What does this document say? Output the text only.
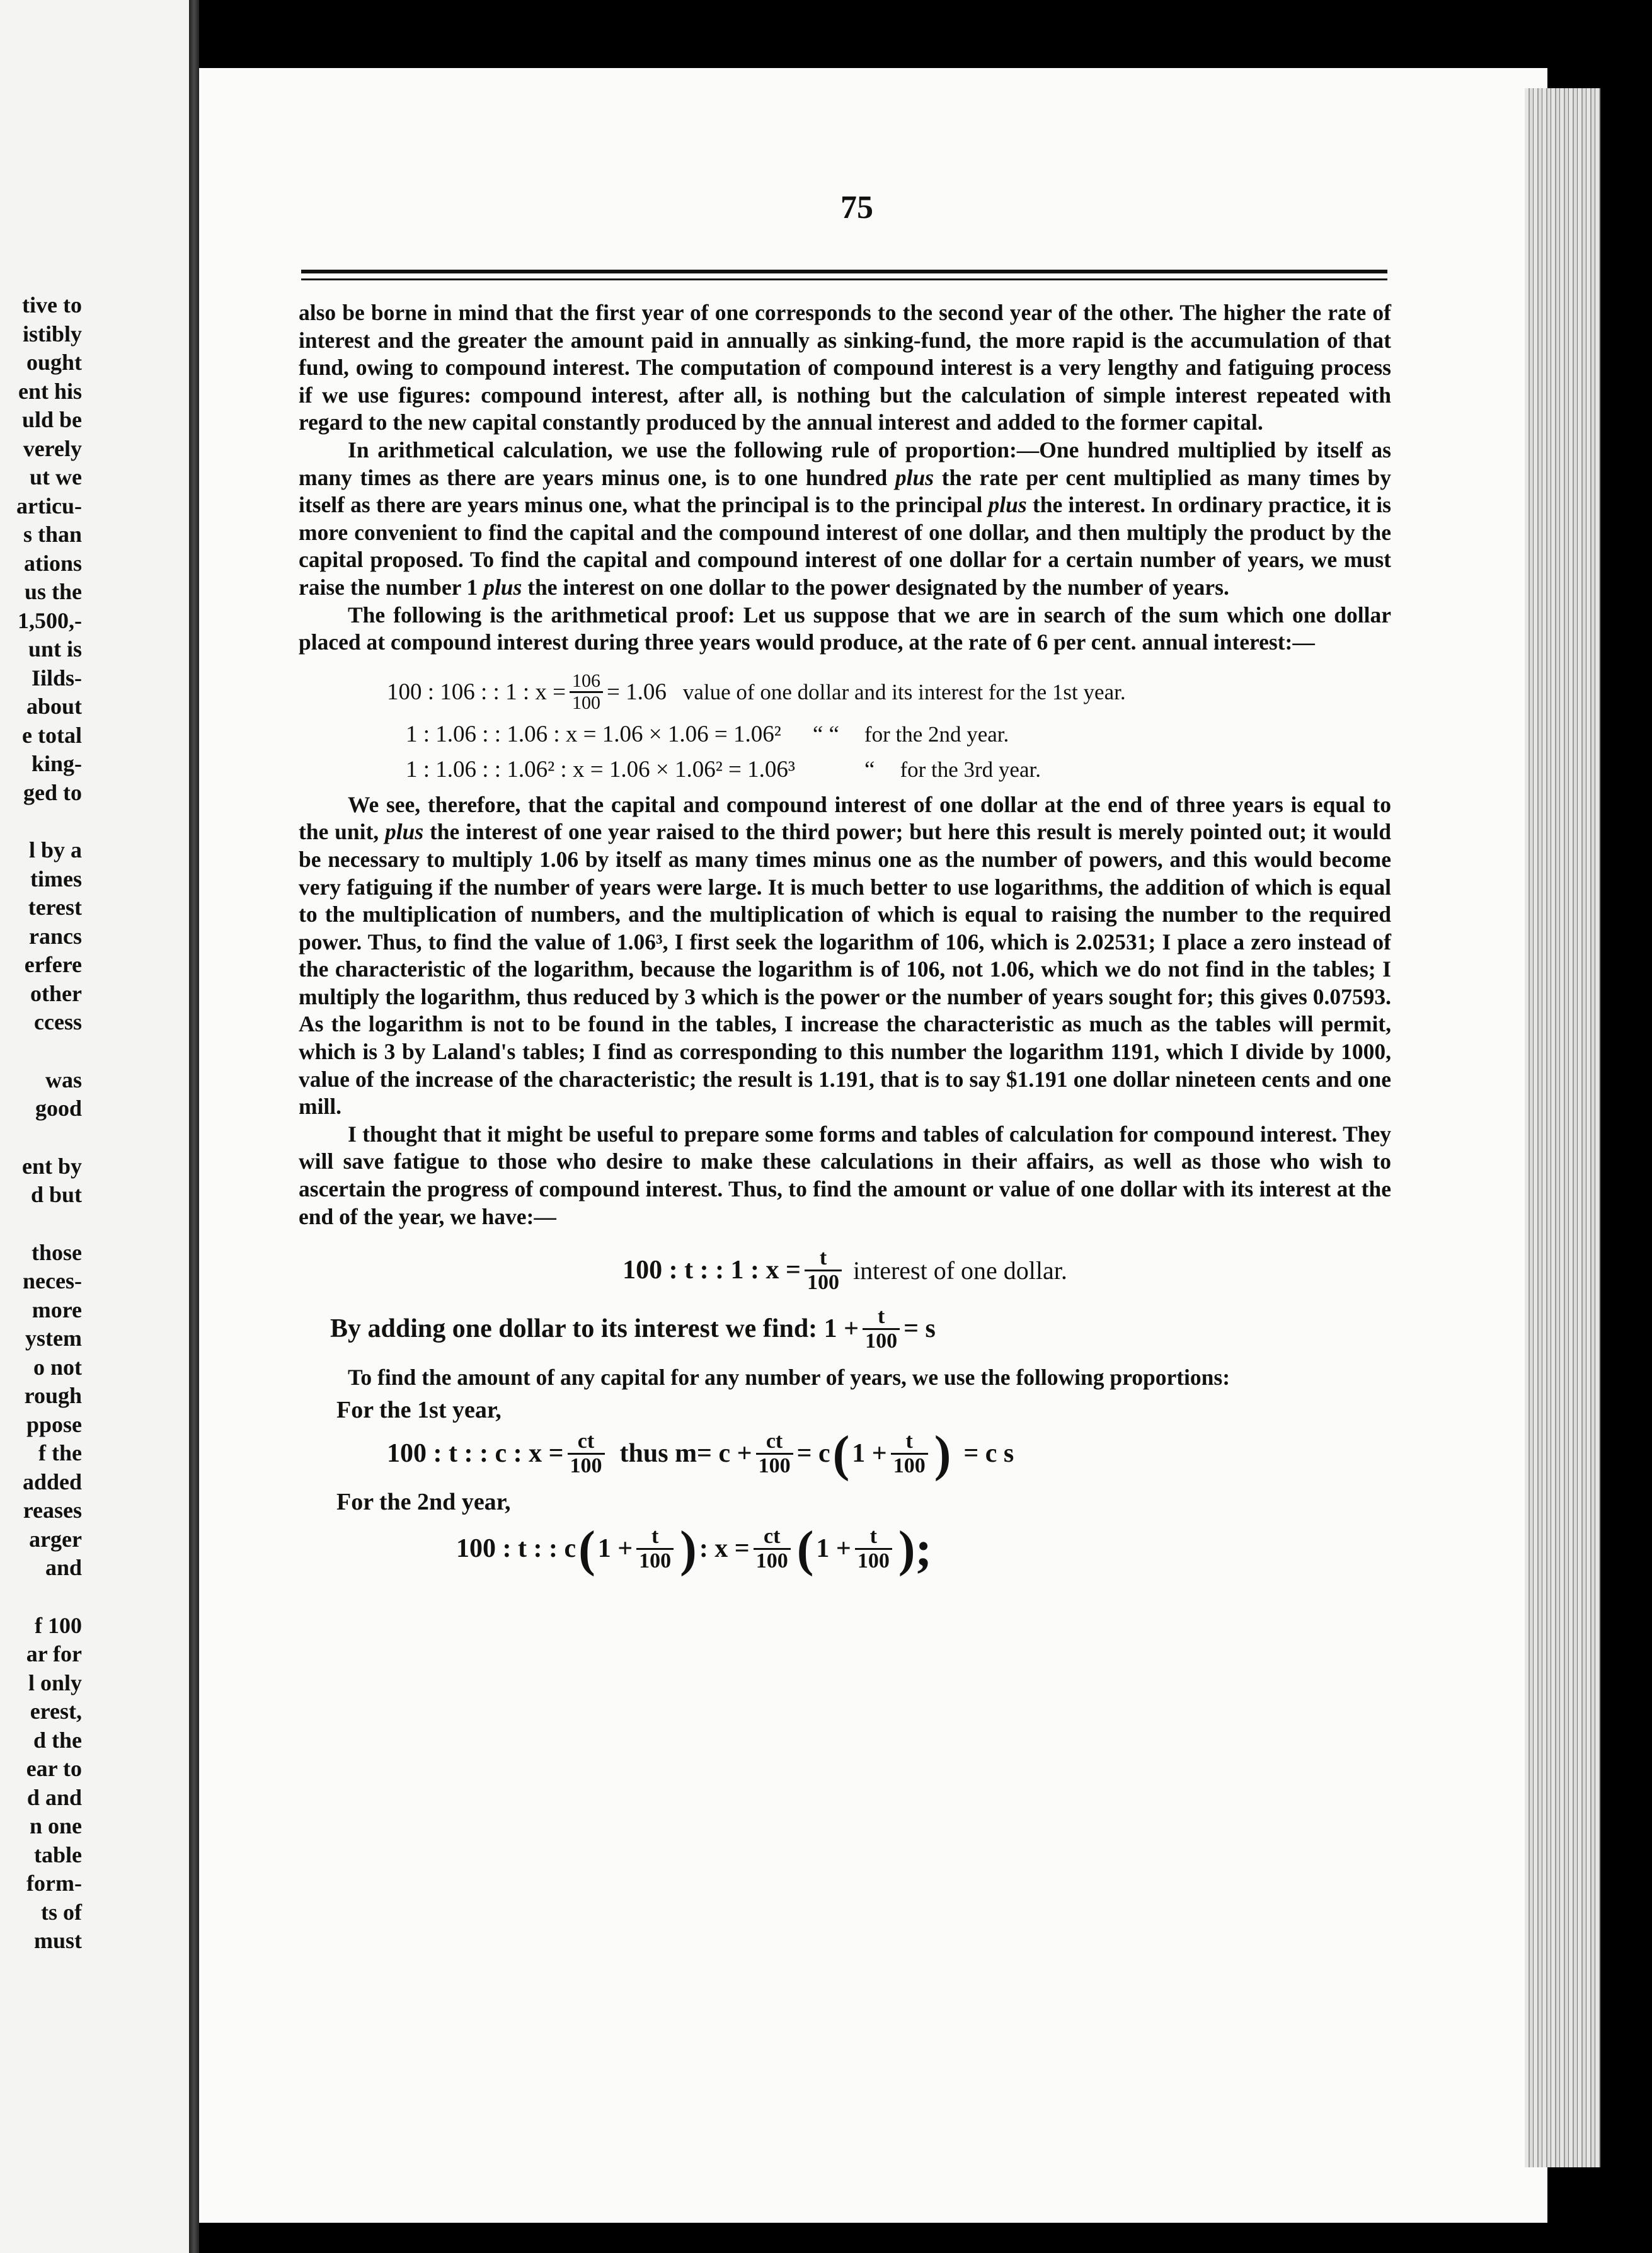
tive to
istibly
ought
ent his
uld be
verely
ut we
articu-
s than
ations
us the
1,500,-
unt is
Iilds-
about
e total
king-
ged to
l by a
times
terest
rancs
erfere
other
ccess
was
good
ent by
d but
those
neces-
more
ystem
o not
rough
ppose
f the
added
reases
arger
and
f 100
ar for
l only
erest,
d the
ear to
d and
n one
table
form-
ts of
must
75

also be borne in mind that the first year of one corresponds to the second year of the other. The higher the rate of interest and the greater the amount paid in annually as sinking-fund, the more rapid is the accumulation of that fund, owing to compound interest. The computation of compound interest is a very lengthy and fatiguing process if we use figures: compound interest, after all, is nothing but the calculation of simple interest repeated with regard to the new capital constantly produced by the annual interest and added to the former capital.

In arithmetical calculation, we use the following rule of proportion:—One hundred multiplied by itself as many times as there are years minus one, is to one hundred plus the rate per cent multiplied as many times by itself as there are years minus one, what the principal is to the principal plus the interest. In ordinary practice, it is more convenient to find the capital and the compound interest of one dollar, and then multiply the product by the capital proposed. To find the capital and compound interest of one dollar for a certain number of years, we must raise the number 1 plus the interest on one dollar to the power designated by the number of years.

The following is the arithmetical proof: Let us suppose that we are in search of the sum which one dollar placed at compound interest during three years would produce, at the rate of 6 per cent. annual interest:—

100 : 106 : : 1 : $x = \frac{106}{100} = 1.06$ value of one dollar and its interest for the 1st year.
1 : 1.06 : : 1.06 : x = 1.06 × 1.06 = 1.06² “ “ for the 2nd year.
1 : 1.06 : : 1.06² : x = 1.06 × 1.06² = 1.06³	“ for the 3rd year.

We see, therefore, that the capital and compound interest of one dollar at the end of three years is equal to the unit, plus the interest of one year raised to the third power; but here this result is merely pointed out; it would be necessary to multiply 1.06 by itself as many times minus one as the number of powers, and this would become very fatiguing if the number of years were large. It is much better to use logarithms, the addition of which is equal to the multiplication of numbers, and the multiplication of which is equal to raising the number to the required power. Thus, to find the value of 1.06³, I first seek the logarithm of 106, which is 2.02531; I place a zero instead of the characteristic of the logarithm, because the logarithm is of 106, not 1.06, which we do not find in the tables; I multiply the logarithm, thus reduced by 3 which is the power or the number of years sought for; this gives 0.07593. As the logarithm is not to be found in the tables, I increase the characteristic as much as the tables will permit, which is 3 by Laland's tables; I find as corresponding to this number the logarithm 1191, which I divide by 1000, value of the increase of the characteristic; the result is 1.191, that is to say $1.191 one dollar nineteen cents and one mill.

I thought that it might be useful to prepare some forms and tables of calculation for compound interest. They will save fatigue to those who desire to make these calculations in their affairs, as well as those who wish to ascertain the progress of compound interest. Thus, to find the amount or value of one dollar with its interest at the end of the year, we have:—

100 : t : : 1 : $x = \frac{t}{100}$ interest of one dollar.
By adding one dollar to its interest we find: $1 + \frac{t}{100} = s$

To find the amount of any capital for any number of years, we use the following proportions:

For the 1st year,
100 : t : : c : $x = \frac{ct}{100}$ thus $m= c + \frac{ct}{100} = c$ ( $1 + \frac{t}{100}$ ) = c s
For the 2nd year,
100 : t : : c ( $1 + \frac{t}{100}$ ) : $x = \frac{ct}{100}$ ( $1 + \frac{t}{100}$ );
